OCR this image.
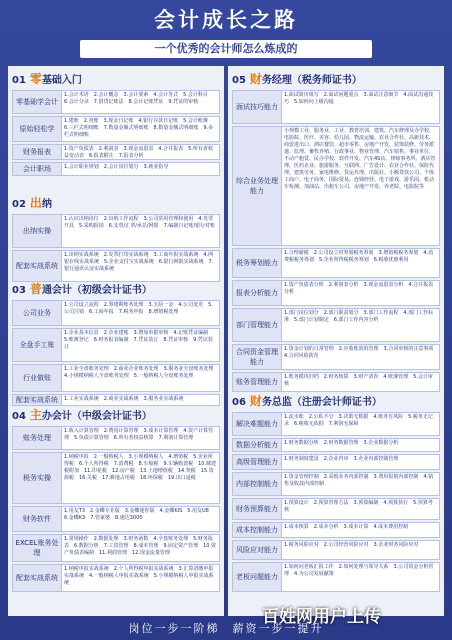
会计成长之路
一个优秀的会计师怎么炼成的
01 零基础入门
零基础学会计
1.会计术语　2.会计概念　3.会计要素　4.会计等式　5.会计科目　6.会计分录　7.借贷记账法　8.会计记账凭证　9.凭证的审核
原始轻松学
1.建账　2.查账　3.现金日记账　4.银行存款日记账　5.会计账簿　6.三栏式明细账　7.数量金额式明细账　8.数量金额式明细账　9.多栏式明细账
财务报表	1.资产负债表　2.利润表　3.现金流量表　4.合并报表　5.所有者权益变动表　6.报表附注　7.报表分析
会计职场	1.会计职业规划　2.会计岗位划分　3.就业指导
02 出纳
出纳实操
1.认识出纳岗位　2.出纳工作流程　3.公司常用管理和使用　4.发票开具　5.采购报销　6.支票/汇票/承兑/网银　7.编制日记账/银行对账
配套实战系统
1.出纳实战系统　2.发票打印实战系统　3.工商年报实战系统　4.网银在线实战系统　5.企业支付宝实战系统　6.银行网银实战系统　7.银行通讯认证实战系统
03 普通会计（初级会计证书）
公司业务
1.公司设立流程　2.筹建期账务处理　3.五险一金　4.公司变更　5.公司注销　6.工商年报　7.税务申报　8.增值税处理
全盘手工账
1.企业基本信息　2.企业建账　3.增加单据审核　4.记账凭证编制　5.账簿登记　6.财务报表编制　7.凭证装订　8.凭证审核　9.凭证装订
行业做账
1.工业全盘账务处理　2.商业企业账务处理　3.服务业全盘账务处理　4.小规模纳税人全盘账务处理　5.一般纳税人全盘账务处理
配套实战系统	1.工业实战系统　2.商业实战系统　3.服务业实战系统
04 主办会计（中级会计证书）
账务处理
1.收入计算管理　2.费用计算管理　3.成本计算管理　4.资产计算管理　5.负债计算管理　6.所有者权益核算　7.利润计算管理
税务实操
1.纳税申报　2.一般纳税人　3.小规模纳税人　4.增值税　5.企业所得税　6.个人所得税　7.消费税　8.车船税　9.车辆购置税　10.城建税附加　11.印花税　12.房产税　13.土地增值税　14.契税　15.资源税　16.关税　17.耕地占用税　18.环保税　19.出口退税
财务软件
1.用友T3　2.金蝶专业版　3.金蝶迷你版　4.金蝶KIS　5.用友U8　6.金蝶K3　7.管家婆　8.速达3000
EXCEL账务处理
1.常规操作　2.数据处理　3.财务函数　4.全盘账务处理　5.财务报表　6.数据分析　7.工资管理　8.成本管理　9.固定资产管理　10.资产负债表编制　11.利润管理　12.现金流量管理
配套实战系统
1.纳税申报实战系统　2.个人所得税申报实战系统　3.汇算清缴申报实战系统　4.一般纳税人申报实战系统　5.小规模纳税人申报实战系统
05 财务经理（税务师证书）
面试技巧能力
1.面试简历填写　2.面试问题重点　3.面试注意细节　4.面试沟通技巧　5.如何问上级沟通
综合业务处理能力
小规模工业、服务业、工业、教育培训、建筑、汽车修理及办学校、电影院、医疗、美容、幼儿园、物流运输、农业合作社、高新技术、商贸进出口、酒店餐饮、超市零售、房地产开发、装饰装修、劳务派遣、监理、畜牧养殖、行政事业、物业管理、汽车销售、事业单位、不动产租赁、民办学校、软件开发、汽车4S店、律师事务所、酒店管理、医药企业、旅游服务、互联网、广告设计、农业合作社、保险代理、建筑劳务、家电维修、货运代理、出版社、小额贷款公司、个体工商户、电子商务、国际贸易、连锁经营、电子游戏、游乐园、机动车检测、加油站、出租车公司、房地产开发、养老院、电影院等
税务筹划能力
1.合理避税　2.公司设立时筹划税务筹划　3.增值税税务筹划　4.消费税税务筹划　5.企业所得税税务筹划　6.税收优惠利用
报表分析能力
1.资产负债表分析　2.利润表分析　3.现金流量表分析　4.合并报表分析
部门管理能力
1.部门岗位划分　2.部门职责划分　3.部门工作流程　4.部门工作标准　5.部门计划制定　6.部门工作内容分析
合同资金管理能力
1.资金计划的日常管理　2.应收账款的管理　3.合同审核的注意事项　4.合同风险防范
账务管理能力
1.账务模块归档　2.财务核算　3.财产清查　4.账簿管理　5.会计审核
06 财务总监（注册会计师证书）
解决难题能力
1.流水账　2.公私不分　3.决策无数据　4.账务有风险　5.税务无记录　6.税收无依据　7.利润无保障
数据分析能力	1.财务数据分析　2.财务数据管理　3.企业数据分析
高级管理能力	1.财务制度建设　2.企业内审　3.企业内部控制管理
内部控制能力
1.资金管理控制　2.采购业务内部控制　3.费用报销内部控制　4.销售及收款内部控制
财务预算能力
1.预算设计　2.预算管理方法　3.预算编制　4.预算执行　5.预算考核
成本控制能力	1.成本核算　2.成本分析　3.成本计算　4.成本费用控制
风险应对能力
1.税务风险应对　2.公司经营风险应对　3.企业财务风险应对
老板问题能力
1.如何问老板汇报工作　2.如何处理与领导关系　3.公司资金分析管理　4.为公司发展献策
百姓网用户上传
岗位一步一阶梯　薪资一步一提升
